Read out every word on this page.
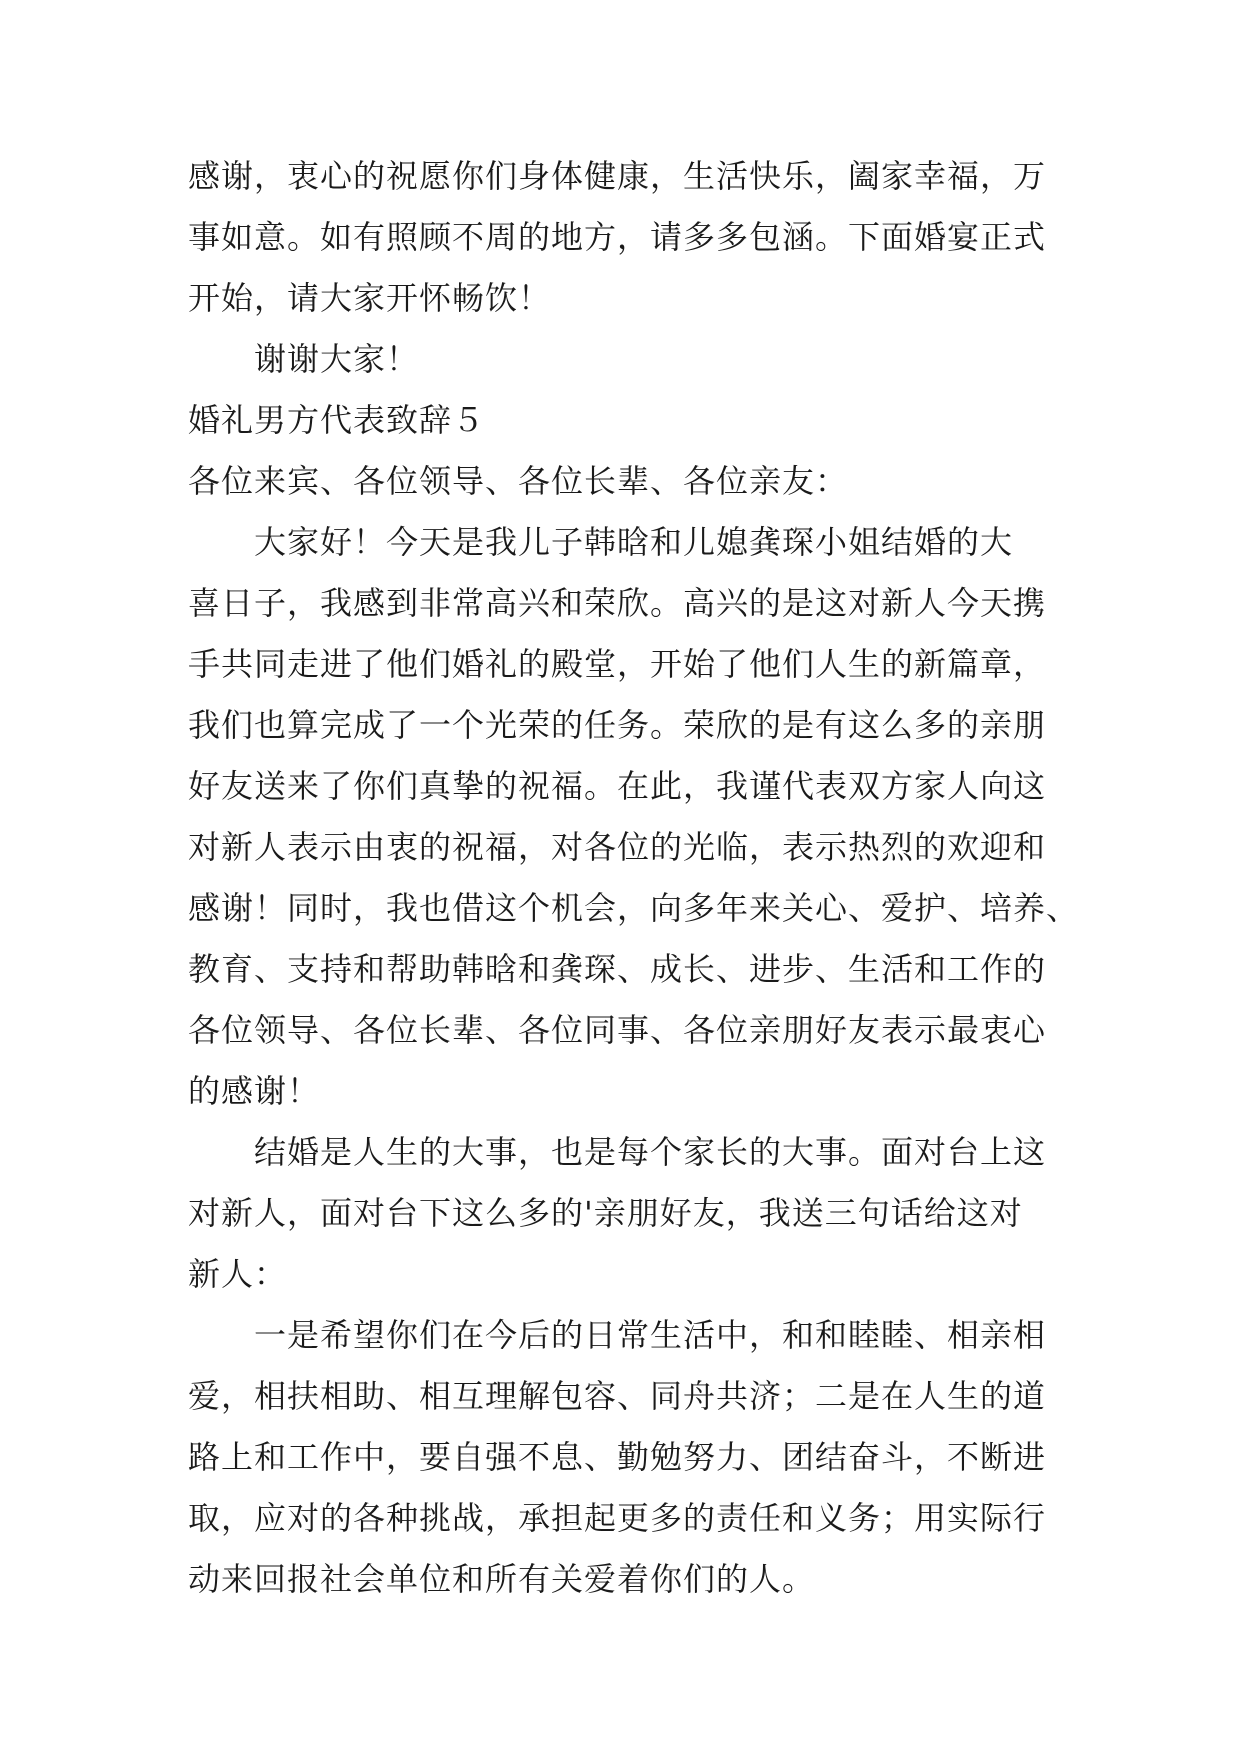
感谢，衷心的祝愿你们身体健康，生活快乐，阖家幸福，万
事如意。如有照顾不周的地方，请多多包涵。下面婚宴正式
开始，请大家开怀畅饮！
谢谢大家！
婚礼男方代表致辞５
各位来宾、各位领导、各位长辈、各位亲友：
大家好！今天是我儿子韩晗和儿媳龚琛小姐结婚的大
喜日子，我感到非常高兴和荣欣。高兴的是这对新人今天携
手共同走进了他们婚礼的殿堂，开始了他们人生的新篇章，
我们也算完成了一个光荣的任务。荣欣的是有这么多的亲朋
好友送来了你们真挚的祝福。在此，我谨代表双方家人向这
对新人表示由衷的祝福，对各位的光临，表示热烈的欢迎和
感谢！同时，我也借这个机会，向多年来关心、爱护、培养、
教育、支持和帮助韩晗和龚琛、成长、进步、生活和工作的
各位领导、各位长辈、各位同事、各位亲朋好友表示最衷心
的感谢！
结婚是人生的大事，也是每个家长的大事。面对台上这
对新人，面对台下这么多的'亲朋好友，我送三句话给这对
新人：
一是希望你们在今后的日常生活中，和和睦睦、相亲相
爱，相扶相助、相互理解包容、同舟共济；二是在人生的道
路上和工作中，要自强不息、勤勉努力、团结奋斗，不断进
取，应对的各种挑战，承担起更多的责任和义务；用实际行
动来回报社会单位和所有关爱着你们的人。
